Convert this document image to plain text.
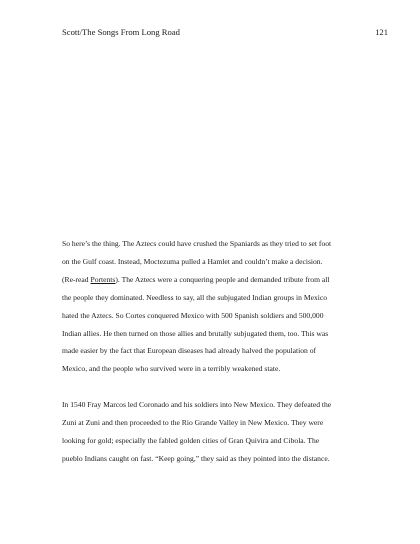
Scott/The Songs From Long Road	121

So here’s the thing. The Aztecs could have crushed the Spaniards as they tried to set foot
on the Gulf coast. Instead, Moctezuma pulled a Hamlet and couldn’t make a decision.
(Re-read Portents). The Aztecs were a conquering people and demanded tribute from all
the people they dominated. Needless to say, all the subjugated Indian groups in Mexico
hated the Aztecs. So Cortes conquered Mexico with 500 Spanish soldiers and 500,000
Indian allies. He then turned on those allies and brutally subjugated them, too. This was
made easier by the fact that European diseases had already halved the population of
Mexico, and the people who survived were in a terribly weakened state.

In 1540 Fray Marcos led Coronado and his soldiers into New Mexico. They defeated the
Zuni at Zuni and then proceeded to the Rio Grande Valley in New Mexico. They were
looking for gold; especially the fabled golden cities of Gran Quivira and Cibola. The
pueblo Indians caught on fast. “Keep going,” they said as they pointed into the distance.
